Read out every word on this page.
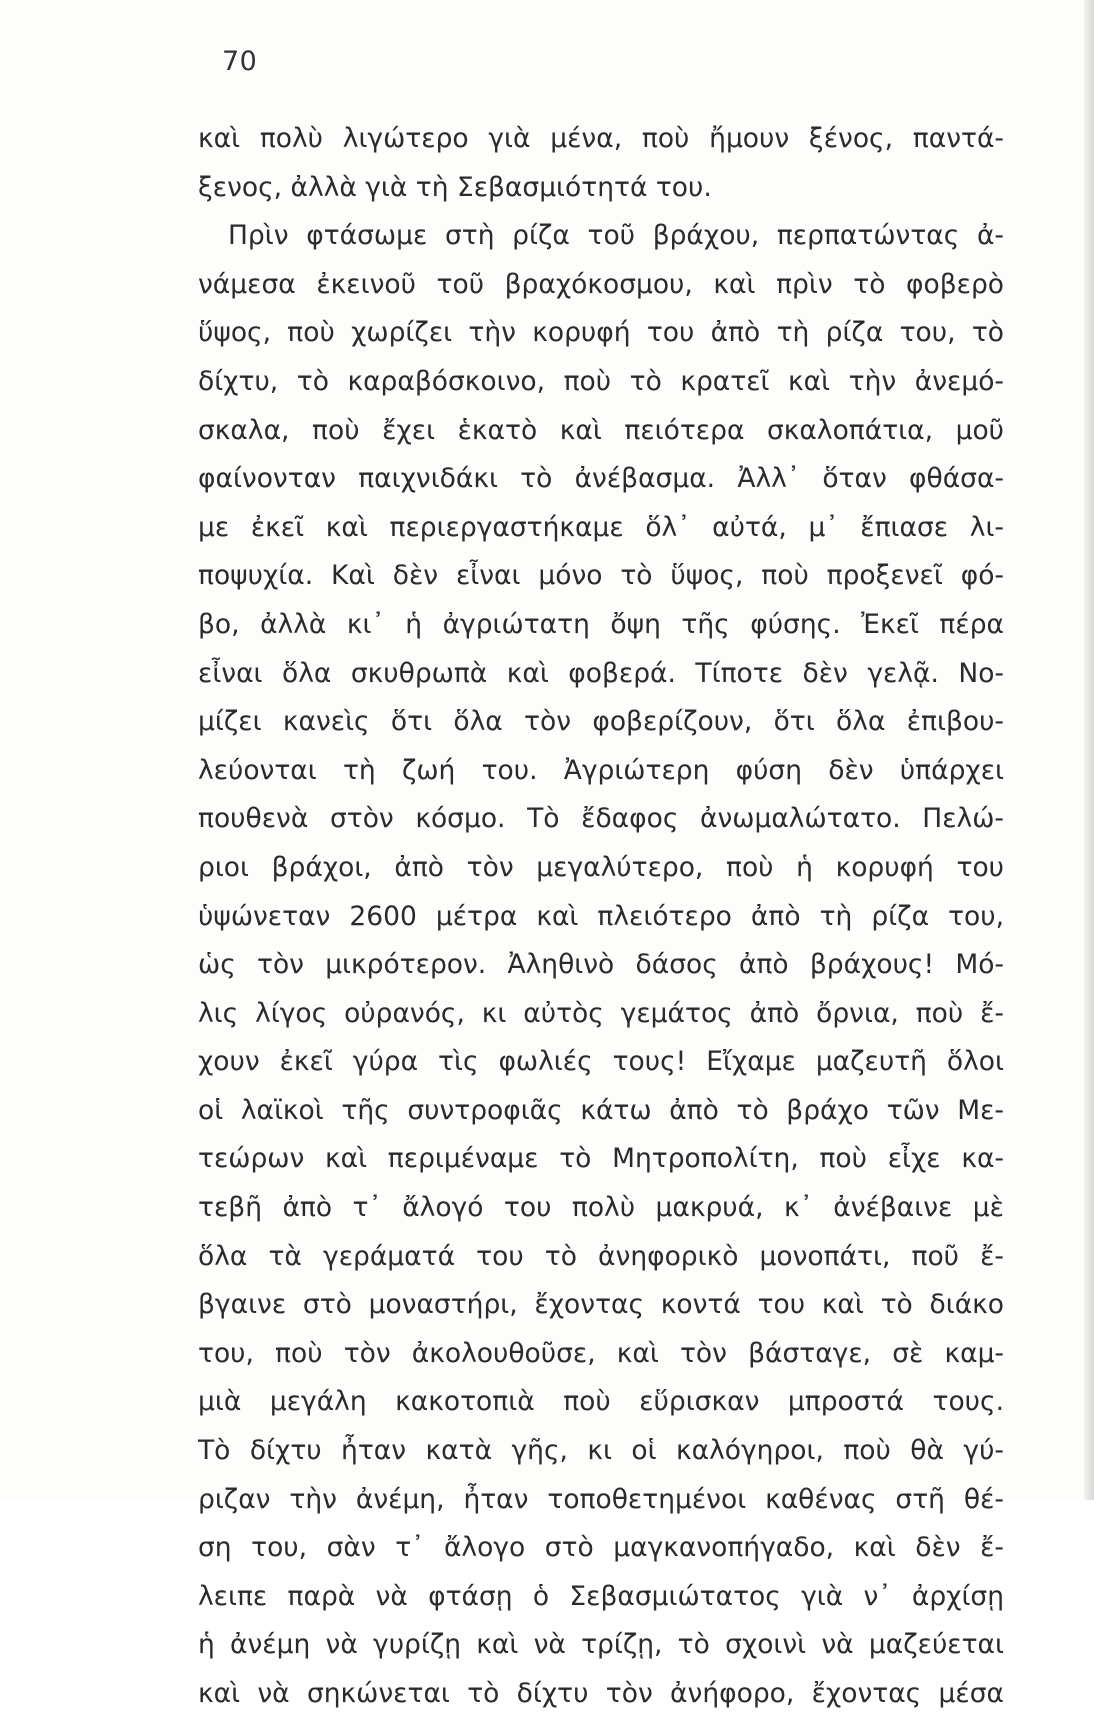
70
καὶ πολὺ λιγώτερο γιὰ μένα, ποὺ ἤμουν ξένος, παντά-
ξενος, ἀλλὰ γιὰ τὴ Σεβασμιότητά του.
Πρὶν φτάσωμε στὴ ρίζα τοῦ βράχου, περπατώντας ἀ-
νάμεσα ἐκεινοῦ τοῦ βραχόκοσμου, καὶ πρὶν τὸ φοβερὸ
ὕψος, ποὺ χωρίζει τὴν κορυφή του ἀπὸ τὴ ρίζα του, τὸ
δίχτυ, τὸ καραβόσκοινο, ποὺ τὸ κρατεῖ καὶ τὴν ἀνεμό-
σκαλα, ποὺ ἔχει ἑκατὸ καὶ πειότερα σκαλοπάτια, μοῦ
φαίνονταν παιχνιδάκι τὸ ἀνέβασμα. Ἀλλ᾿ ὅταν φθάσα-
με ἐκεῖ καὶ περιεργαστήκαμε ὅλ᾿ αὐτά, μ᾿ ἔπιασε λι-
ποψυχία. Καὶ δὲν εἶναι μόνο τὸ ὕψος, ποὺ προξενεῖ φό-
βο, ἀλλὰ κι᾿ ἡ ἀγριώτατη ὄψη τῆς φύσης. Ἐκεῖ πέρα
εἶναι ὅλα σκυθρωπὰ καὶ φοβερά. Τίποτε δὲν γελᾷ. Νο-
μίζει κανεὶς ὅτι ὅλα τὸν φοβερίζουν, ὅτι ὅλα ἐπιβου-
λεύονται τὴ ζωή του. Ἀγριώτερη φύση δὲν ὑπάρχει
πουθενὰ στὸν κόσμο. Τὸ ἔδαφος ἀνωμαλώτατο. Πελώ-
ριοι βράχοι, ἀπὸ τὸν μεγαλύτερο, ποὺ ἡ κορυφή του
ὑψώνεταν 2600 μέτρα καὶ πλειότερο ἀπὸ τὴ ρίζα του,
ὡς τὸν μικρότερον. Ἀληθινὸ δάσος ἀπὸ βράχους! Μό-
λις λίγος οὐρανός, κι αὐτὸς γεμάτος ἀπὸ ὄρνια, ποὺ ἔ-
χουν ἐκεῖ γύρα τὶς φωλιές τους! Εἴχαμε μαζευτῆ ὅλοι
οἱ λαϊκοὶ τῆς συντροφιᾶς κάτω ἀπὸ τὸ βράχο τῶν Με-
τεώρων καὶ περιμέναμε τὸ Μητροπολίτη, ποὺ εἶχε κα-
τεβῆ ἀπὸ τ᾿ ἄλογό του πολὺ μακρυά, κ᾿ ἀνέβαινε μὲ
ὅλα τὰ γεράματά του τὸ ἀνηφορικὸ μονοπάτι, ποῦ ἔ-
βγαινε στὸ μοναστήρι, ἔχοντας κοντά του καὶ τὸ διάκο
του, ποὺ τὸν ἀκολουθοῦσε, καὶ τὸν βάσταγε, σὲ καμ-
μιὰ μεγάλη κακοτοπιὰ ποὺ εὕρισκαν μπροστά τους.
Τὸ δίχτυ ἦταν κατὰ γῆς, κι οἱ καλόγηροι, ποὺ θὰ γύ-
ριζαν τὴν ἀνέμη, ἦταν τοποθετημένοι καθένας στῆ θέ-
ση του, σὰν τ᾿ ἄλογο στὸ μαγκανοπήγαδο, καὶ δὲν ἔ-
λειπε παρὰ νὰ φτάσῃ ὁ Σεβασμιώτατος γιὰ ν᾿ ἀρχίσῃ
ἡ ἀνέμη νὰ γυρίζῃ καὶ νὰ τρίζῃ, τὸ σχοινὶ νὰ μαζεύεται
καὶ νὰ σηκώνεται τὸ δίχτυ τὸν ἀνήφορο, ἔχοντας μέσα
